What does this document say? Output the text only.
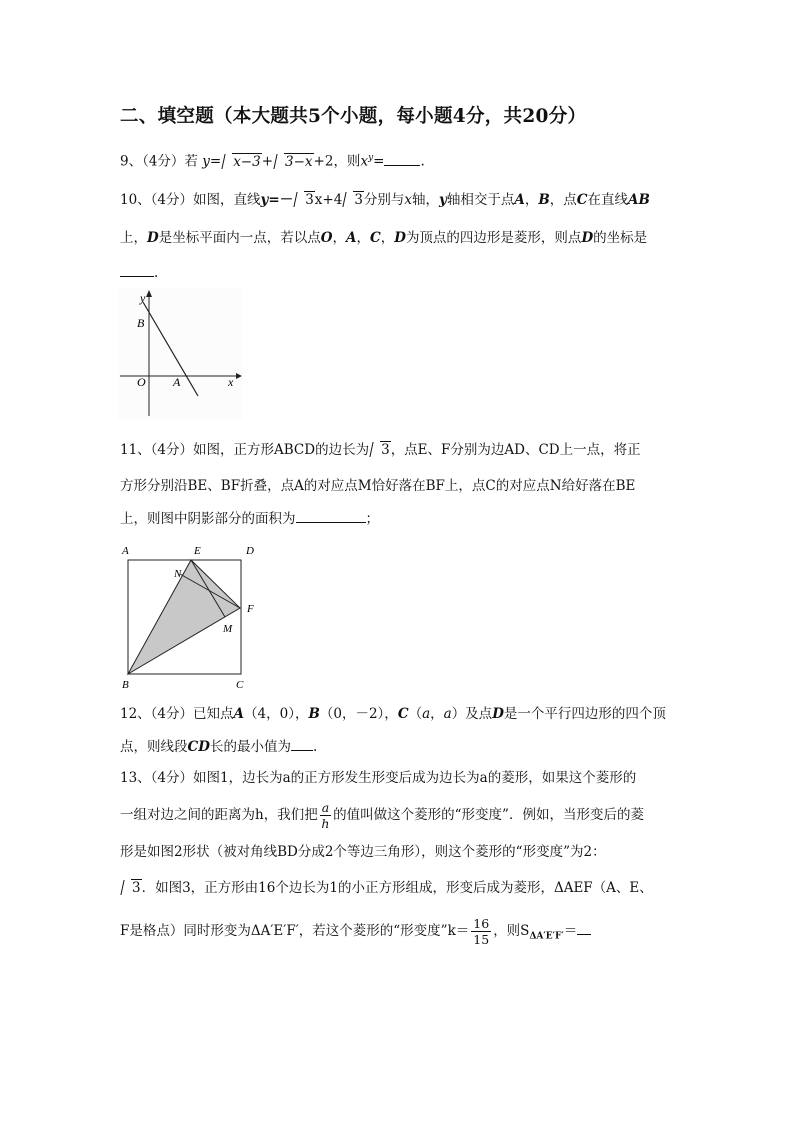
二、填空题（本大题共5个小题，每小题4分，共20分）
9、（4分）若 y= x−3+ 3−x+2，则$x^y=$	.
10、（4分）如图，直线y=－ 3x+4 3分别与x轴，y轴相交于点A，B，点C在直线AB
上，D是坐标平面内一点，若以点O，A，C，D为顶点的四边形是菱形，则点D的坐标是
.
y
B
O A	x
11、（4分）如图，正方形ABCD的边长为 3，点E、F分别为边AD、CD上一点，将正
方形分别沿BE、BF折叠，点A的对应点M恰好落在BF上，点C的对应点N给好落在BE
上，则图中阴影部分的面积为	；
A	E	D
N
F
M
B	C
12、（4分）已知点A（4，0），B（0，－2），C（a，a）及点D是一个平行四边形的四个顶
点，则线段CD长的最小值为 .
13、（4分）如图1，边长为a的正方形发生形变后成为边长为a的菱形，如果这个菱形的
一组对边之间的距离为h，我们把 $\frac{a}{h}$ 的值叫做这个菱形的“形变度”．例如，当形变后的菱
形是如图2形状（被对角线BD分成2个等边三角形），则这个菱形的“形变度”为2：
3．如图3，正方形由16个边长为1的小正方形组成，形变后成为菱形，ΔAEF（A、E、
F是格点）同时形变为ΔA′E′F′，若这个菱形的“形变度”k＝ $\frac{16}{15}$ ，则$S_{\Delta A'E'F'}=$
